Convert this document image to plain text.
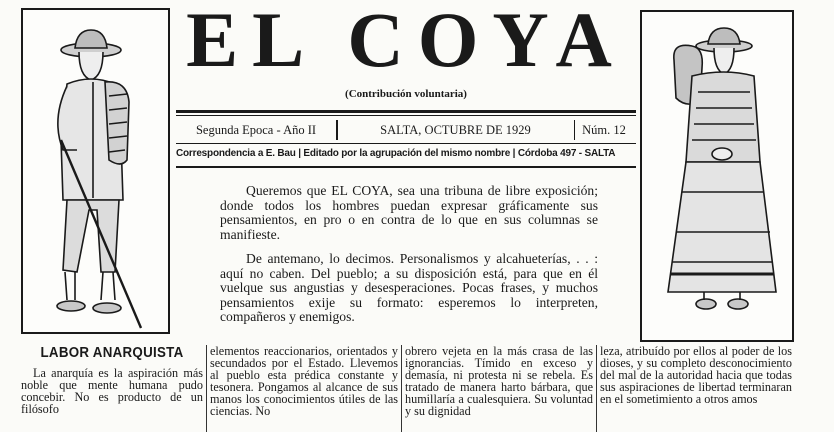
EL COYA
(Contribución voluntaria)
Segunda Epoca - Año II	SALTA, OCTUBRE DE 1929	Núm. 12
Correspondencia a E. Bau | Editado por la agrupación del mismo nombre | Córdoba 497 - SALTA

Queremos que EL COYA, sea una tribuna de libre exposición; donde todos los hombres puedan expresar gráficamente sus pensamientos, en pro o en contra de lo que en sus columnas se manifieste.

De antemano, lo decimos. Personalismos y alcahueterías, . . : aquí no caben. Del pueblo; a su disposición está, para que en él vuelque sus angustias y desesperaciones. Pocas frases, y muchos pensamientos exije su formato: esperemos lo interpreten, compañeros y enemigos.

LABOR ANARQUISTA

La anarquía es la aspiración más noble que mente humana pudo concebir. No es producto de un filósofo

elementos reaccionarios, orientados y secundados por el Estado. Llevemos al pueblo esta prédica constante y tesonera. Pongamos al alcance de sus manos los conocimientos útiles de las ciencias. No

obrero vejeta en la más crasa de las ignorancias. Tímido en exceso y demasía, ni protesta ni se rebela. Es tratado de manera harto bárbara, que humillaría a cualesquiera. Su voluntad y su dignidad

leza, atribuído por ellos al poder de los dioses, y su completo desconocimiento del mal de la autoridad hacia que todas sus aspiraciones de libertad terminaran en el sometimiento a otros amos
